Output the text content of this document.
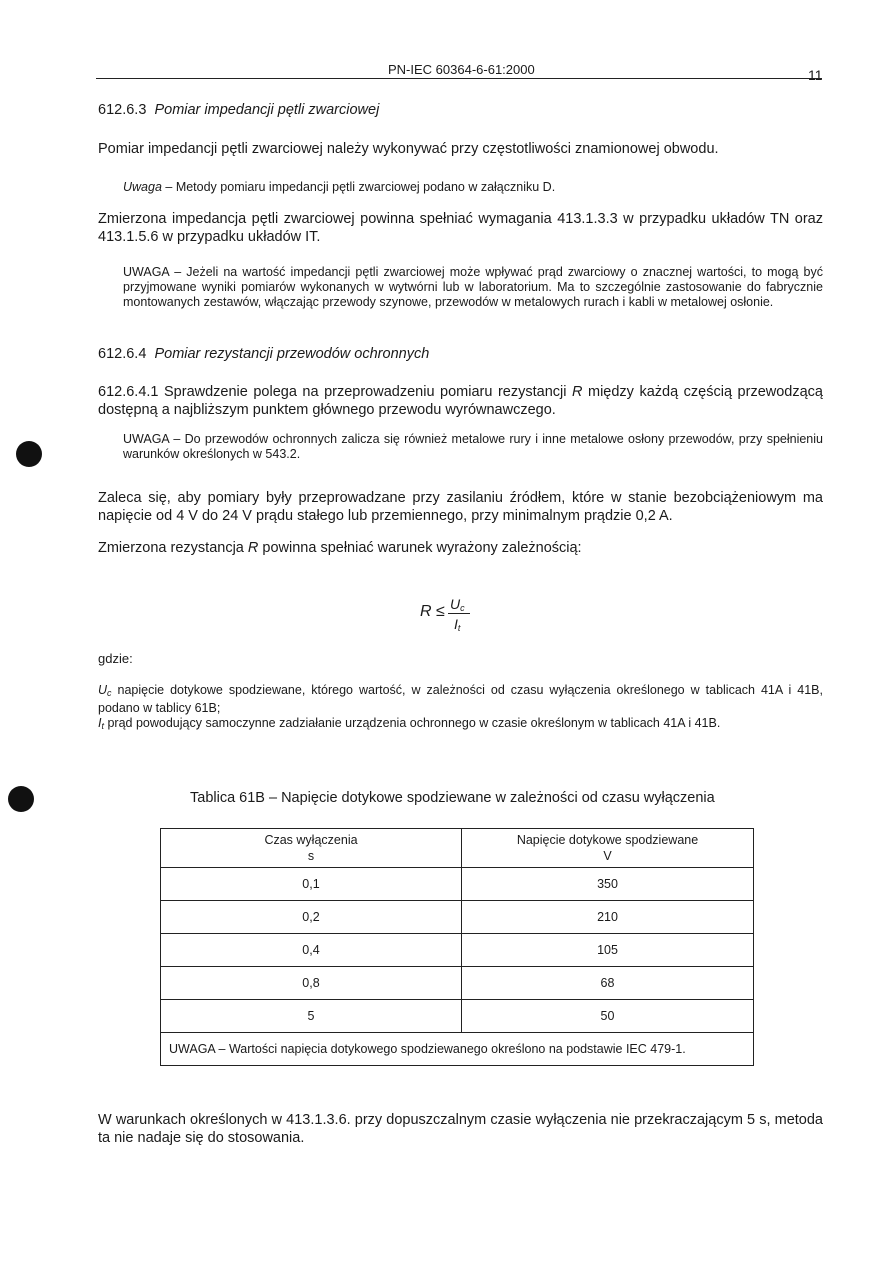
PN-IEC 60364-6-61:2000	11
612.6.3 Pomiar impedancji pętli zwarciowej
Pomiar impedancji pętli zwarciowej należy wykonywać przy częstotliwości znamionowej obwodu.
Uwaga – Metody pomiaru impedancji pętli zwarciowej podano w załączniku D.
Zmierzona impedancja pętli zwarciowej powinna spełniać wymagania 413.1.3.3 w przypadku układów TN oraz 413.1.5.6 w przypadku układów IT.
UWAGA – Jeżeli na wartość impedancji pętli zwarciowej może wpływać prąd zwarciowy o znacznej wartości, to mogą być przyjmowane wyniki pomiarów wykonanych w wytwórni lub w laboratorium. Ma to szczególnie zastosowanie do fabrycznie montowanych zestawów, włączając przewody szynowe, przewodów w metalowych rurach i kabli w metalowej osłonie.
612.6.4 Pomiar rezystancji przewodów ochronnych
612.6.4.1 Sprawdzenie polega na przeprowadzeniu pomiaru rezystancji R między każdą częścią przewodzącą dostępną a najbliższym punktem głównego przewodu wyrównawczego.
UWAGA – Do przewodów ochronnych zalicza się również metalowe rury i inne metalowe osłony przewodów, przy spełnieniu warunków określonych w 543.2.
Zaleca się, aby pomiary były przeprowadzane przy zasilaniu źródłem, które w stanie bezobciążeniowym ma napięcie od 4 V do 24 V prądu stałego lub przemiennego, przy minimalnym prądzie 0,2 A.
Zmierzona rezystancja R powinna spełniać warunek wyrażony zależnością:
$R \le U_c$
$I_t$
gdzie:
$U_c$ napięcie dotykowe spodziewane, którego wartość, w zależności od czasu wyłączenia określonego w tablicach 41A i 41B, podano w tablicy 61B;
$I_t$ prąd powodujący samoczynne zadziałanie urządzenia ochronnego w czasie określonym w tablicach 41A i 41B.
Tablica 61B – Napięcie dotykowe spodziewane w zależności od czasu wyłączenia
Czas wyłączenia
s	Napięcie dotykowe spodziewane
V
0,1	350
0,2	210
0,4	105
0,8	68
5	50
UWAGA – Wartości napięcia dotykowego spodziewanego określono na podstawie IEC 479-1.	
W warunkach określonych w 413.1.3.6. przy dopuszczalnym czasie wyłączenia nie przekraczającym 5 s, metoda ta nie nadaje się do stosowania.
